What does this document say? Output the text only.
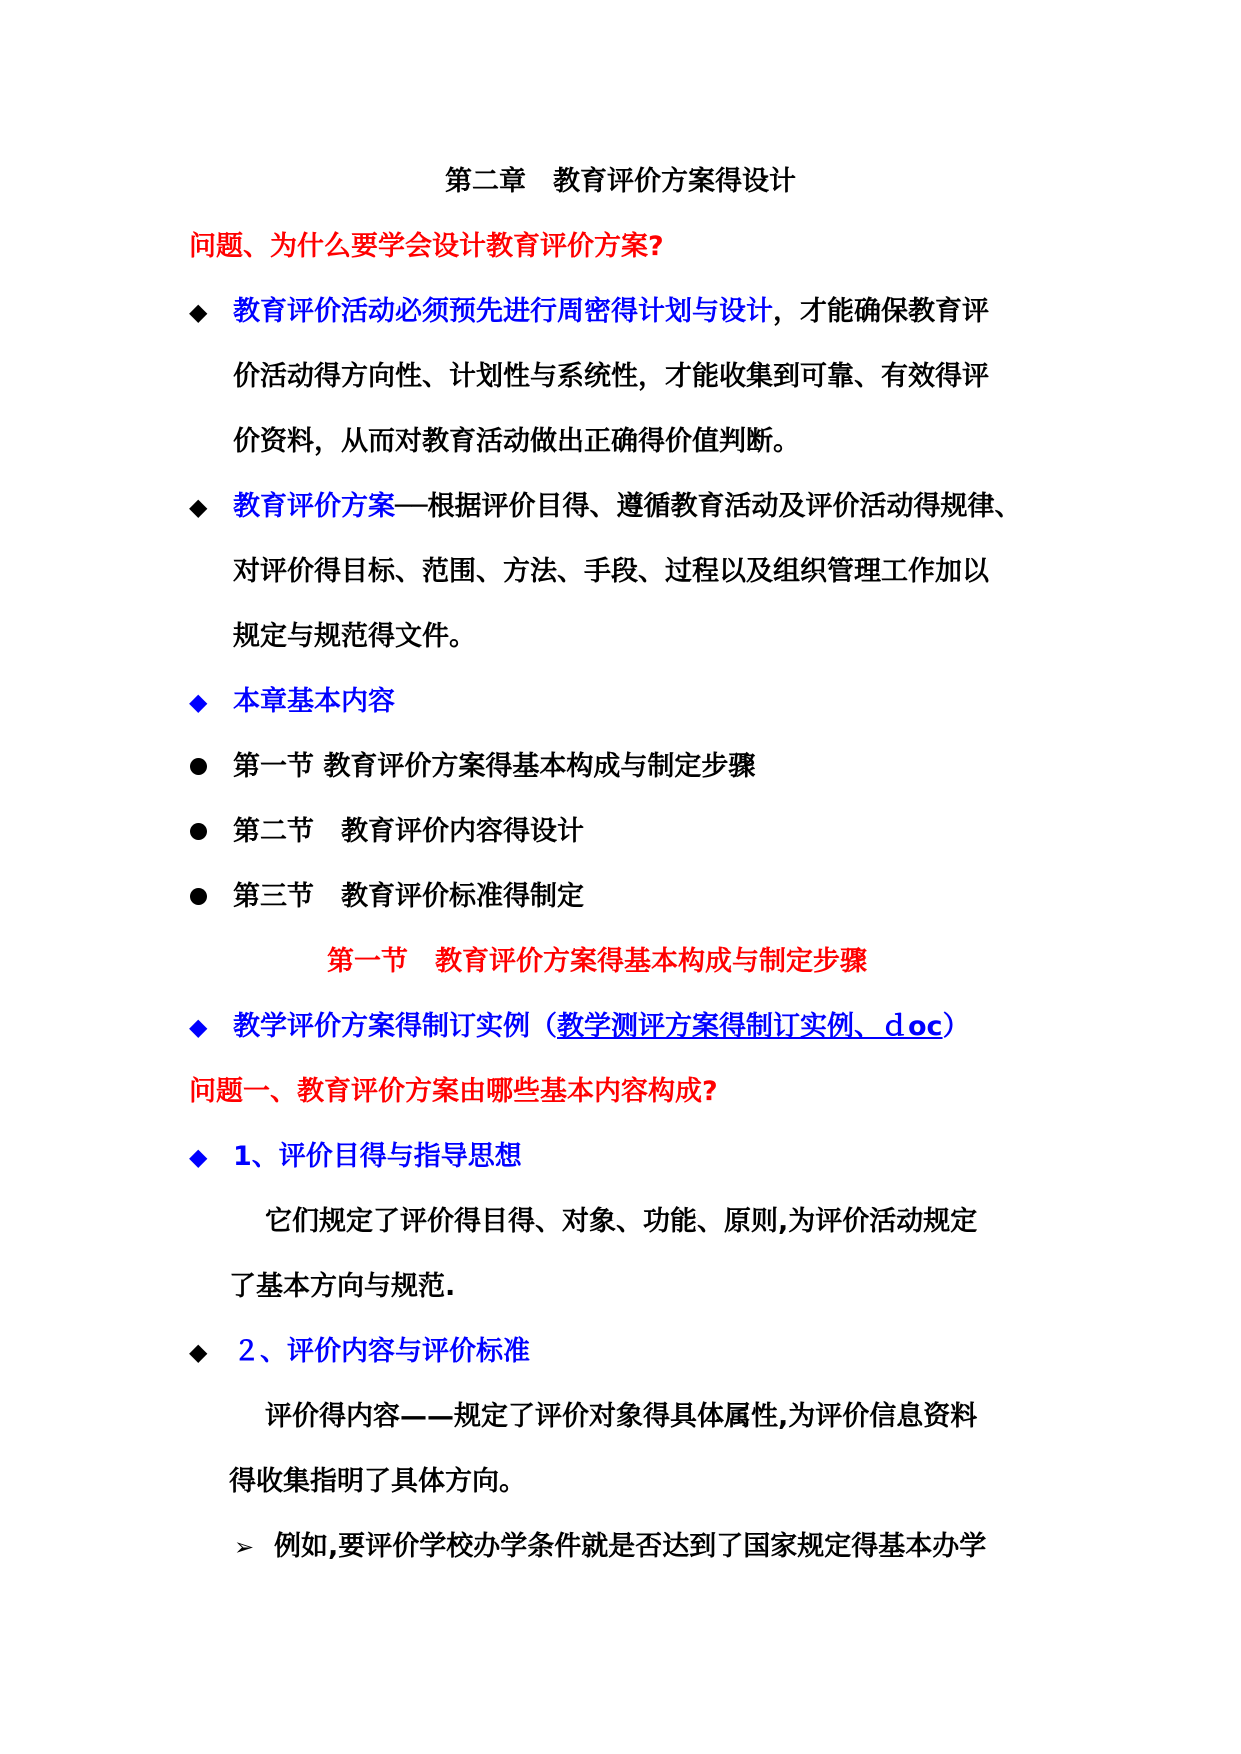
第二章　教育评价方案得设计
问题、为什么要学会设计教育评价方案?
◆ 教育评价活动必须预先进行周密得计划与设计，才能确保教育评
价活动得方向性、计划性与系统性，才能收集到可靠、有效得评
价资料，从而对教育活动做出正确得价值判断。
◆ 教育评价方案──根据评价目得、遵循教育活动及评价活动得规律、
对评价得目标、范围、方法、手段、过程以及组织管理工作加以
规定与规范得文件。
◆ 本章基本内容
第一节 教育评价方案得基本构成与制定步骤
第二节　教育评价内容得设计
第三节　教育评价标准得制定
第一节　教育评价方案得基本构成与制定步骤
◆ 教学评价方案得制订实例（教学测评方案得制订实例、ｄoc）
问题一、教育评价方案由哪些基本内容构成?
◆ 1、评价目得与指导思想
它们规定了评价得目得、对象、功能、原则,为评价活动规定
了基本方向与规范.
◆ ２、评价内容与评价标准
评价得内容——规定了评价对象得具体属性,为评价信息资料
得收集指明了具体方向。
➢ 例如,要评价学校办学条件就是否达到了国家规定得基本办学
